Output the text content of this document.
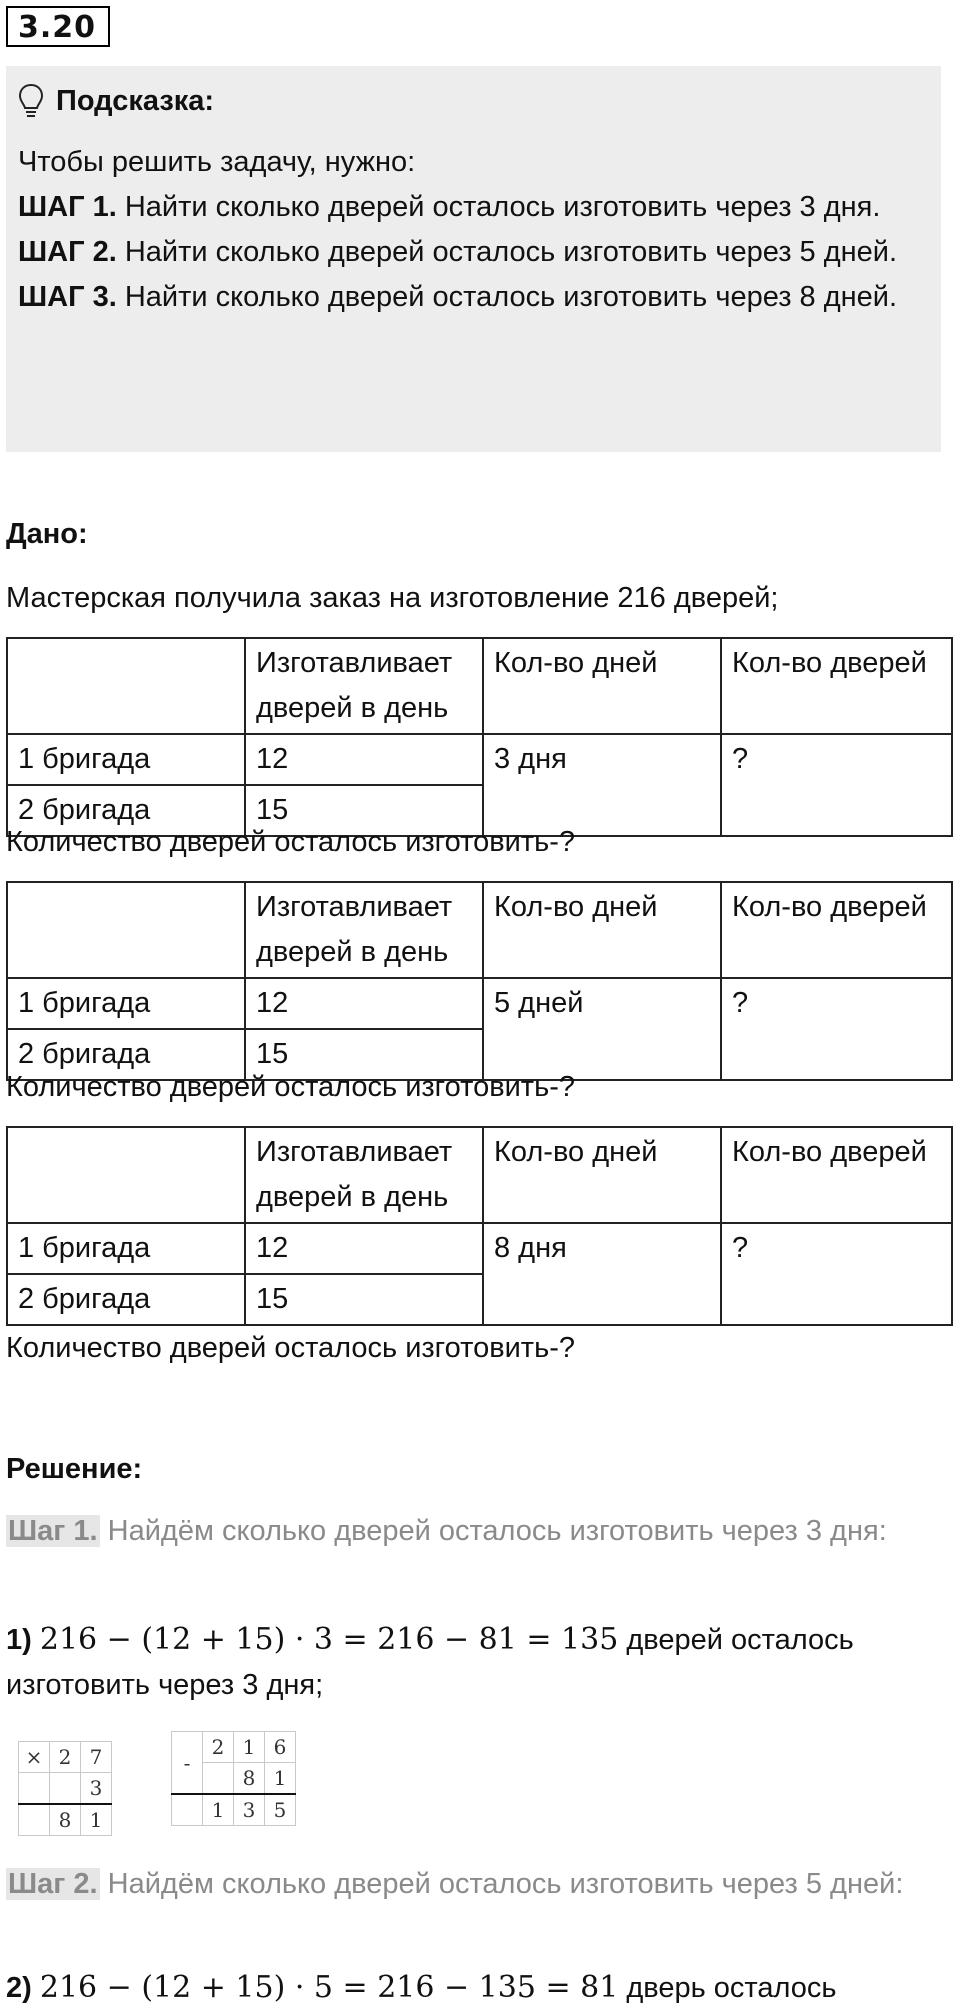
3.20
Подсказка:

Чтобы решить задачу, нужно:

ШАГ 1. Найти сколько дверей осталось изготовить через 3 дня.

ШАГ 2. Найти сколько дверей осталось изготовить через 5 дней.

ШАГ 3. Найти сколько дверей осталось изготовить через 8 дней.

Дано:
Мастерская получила заказ на изготовление 216 дверей;
	Изготавливает дверей в день	Кол-во дней	Кол-во дверей
1 бригада	12	3 дня	?
2 бригада	15		
Количество дверей осталось изготовить-?
	Изготавливает дверей в день	Кол-во дней	Кол-во дверей
1 бригада	12	5 дней	?
2 бригада	15		
Количество дверей осталось изготовить-?
	Изготавливает дверей в день	Кол-во дней	Кол-во дверей
1 бригада	12	8 дня	?
2 бригада	15		
Количество дверей осталось изготовить-?
Решение:
Шаг 1. Найдём сколько дверей осталось изготовить через 3 дня:
1) 216 − (12 + 15) · 3 = 216 − 81 = 135 дверей осталось изготовить через 3 дня;
×	2	7
		3
	8	1
-	2	1	6
		8	1
	1	3	5
Шаг 2. Найдём сколько дверей осталось изготовить через 5 дней:
2) 216 − (12 + 15) · 5 = 216 − 135 = 81 дверь осталось
